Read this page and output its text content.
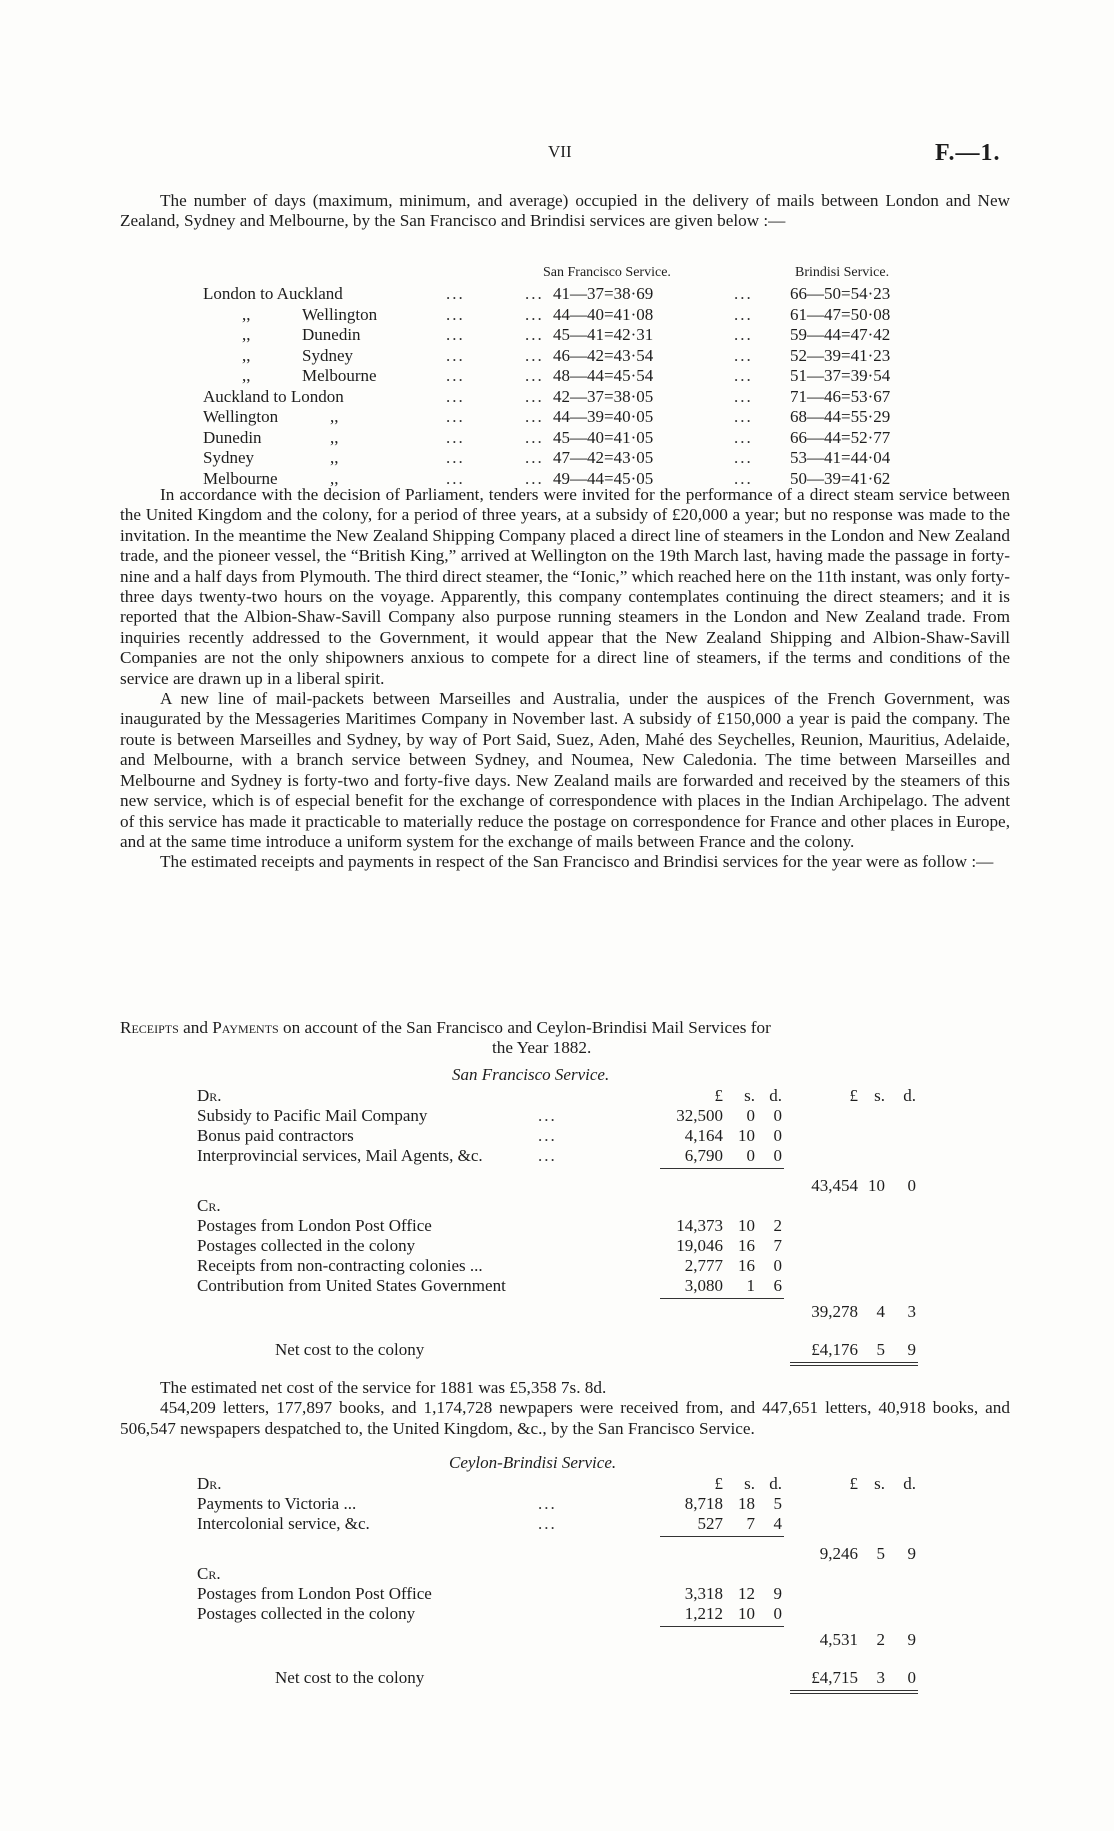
VII	F.—1.

The number of days (maximum, minimum, and average) occupied in the delivery of mails between London and New Zealand, Sydney and Melbourne, by the San Francisco and Brindisi services are given below :—

San Francisco Service.	Brindisi Service.
London to Auckland	...	... 41—37=38·69	... 66—50=54·23
,,	Wellington	...	... 44—40=41·08	... 61—47=50·08
,,	Dunedin	...	... 45—41=42·31	... 59—44=47·42
,,	Sydney	...	... 46—42=43·54	... 52—39=41·23
,,	Melbourne	...	... 48—44=45·54	... 51—37=39·54
Auckland to London	...	... 42—37=38·05	... 71—46=53·67
Wellington	,,	...	... 44—39=40·05	... 68—44=55·29
Dunedin	,,	...	... 45—40=41·05	... 66—44=52·77
Sydney	,,	...	... 47—42=43·05	... 53—41=44·04
Melbourne	,,	...	... 49—44=45·05	... 50—39=41·62

In accordance with the decision of Parliament, tenders were invited for the performance of a direct steam service between the United Kingdom and the colony, for a period of three years, at a subsidy of £20,000 a year; but no response was made to the invitation. In the meantime the New Zealand Shipping Company placed a direct line of steamers in the London and New Zealand trade, and the pioneer vessel, the “British King,” arrived at Wellington on the 19th March last, having made the passage in forty-nine and a half days from Plymouth. The third direct steamer, the “Ionic,” which reached here on the 11th instant, was only forty-three days twenty-two hours on the voyage. Apparently, this company contemplates continuing the direct steamers; and it is reported that the Albion-Shaw-Savill Company also purpose running steamers in the London and New Zealand trade. From inquiries recently addressed to the Government, it would appear that the New Zealand Shipping and Albion-Shaw-Savill Companies are not the only shipowners anxious to compete for a direct line of steamers, if the terms and conditions of the service are drawn up in a liberal spirit.

A new line of mail-packets between Marseilles and Australia, under the auspices of the French Government, was inaugurated by the Messageries Maritimes Company in November last. A subsidy of £150,000 a year is paid the company. The route is between Marseilles and Sydney, by way of Port Said, Suez, Aden, Mahé des Seychelles, Reunion, Mauritius, Adelaide, and Melbourne, with a branch service between Sydney, and Noumea, New Caledonia. The time between Marseilles and Melbourne and Sydney is forty-two and forty-five days. New Zealand mails are forwarded and received by the steamers of this new service, which is of especial benefit for the exchange of correspondence with places in the Indian Archipelago. The advent of this service has made it practicable to materially reduce the postage on correspondence for France and other places in Europe, and at the same time introduce a uniform system for the exchange of mails between France and the colony.

The estimated receipts and payments in respect of the San Francisco and Brindisi services for the year were as follow :—

Receipts and Payments on account of the San Francisco and Ceylon-Brindisi Mail Services for
the Year 1882.
San Francisco Service.
Dr.	£	s. d.	£ s.	d.
Subsidy to Pacific Mail Company	...	32,500	0	0
Bonus paid contractors	...	4,164 10	0
Interprovincial services, Mail Agents, &c.	...	6,790	0	0
43,454 10	0
Cr.
Postages from London Post Office	14,373 10	2
Postages collected in the colony	19,046 16	7
Receipts from non-contracting colonies ...	2,777 16	0
Contribution from United States Government	3,080	1	6
39,278	4	3
Net cost to the colony	£4,176	5	9

The estimated net cost of the service for 1881 was £5,358 7s. 8d.

454,209 letters, 177,897 books, and 1,174,728 newpapers were received from, and 447,651 letters, 40,918 books, and 506,547 newspapers despatched to, the United Kingdom, &c., by the San Francisco Service.

Ceylon-Brindisi Service.
Dr.	£	s. d.	£ s.	d.
Payments to Victoria ...	...	8,718 18	5
Intercolonial service, &c.	...	527	7	4
9,246	5	9
Cr.
Postages from London Post Office	3,318 12	9
Postages collected in the colony	1,212 10	0
4,531	2	9
Net cost to the colony	£4,715	3	0
